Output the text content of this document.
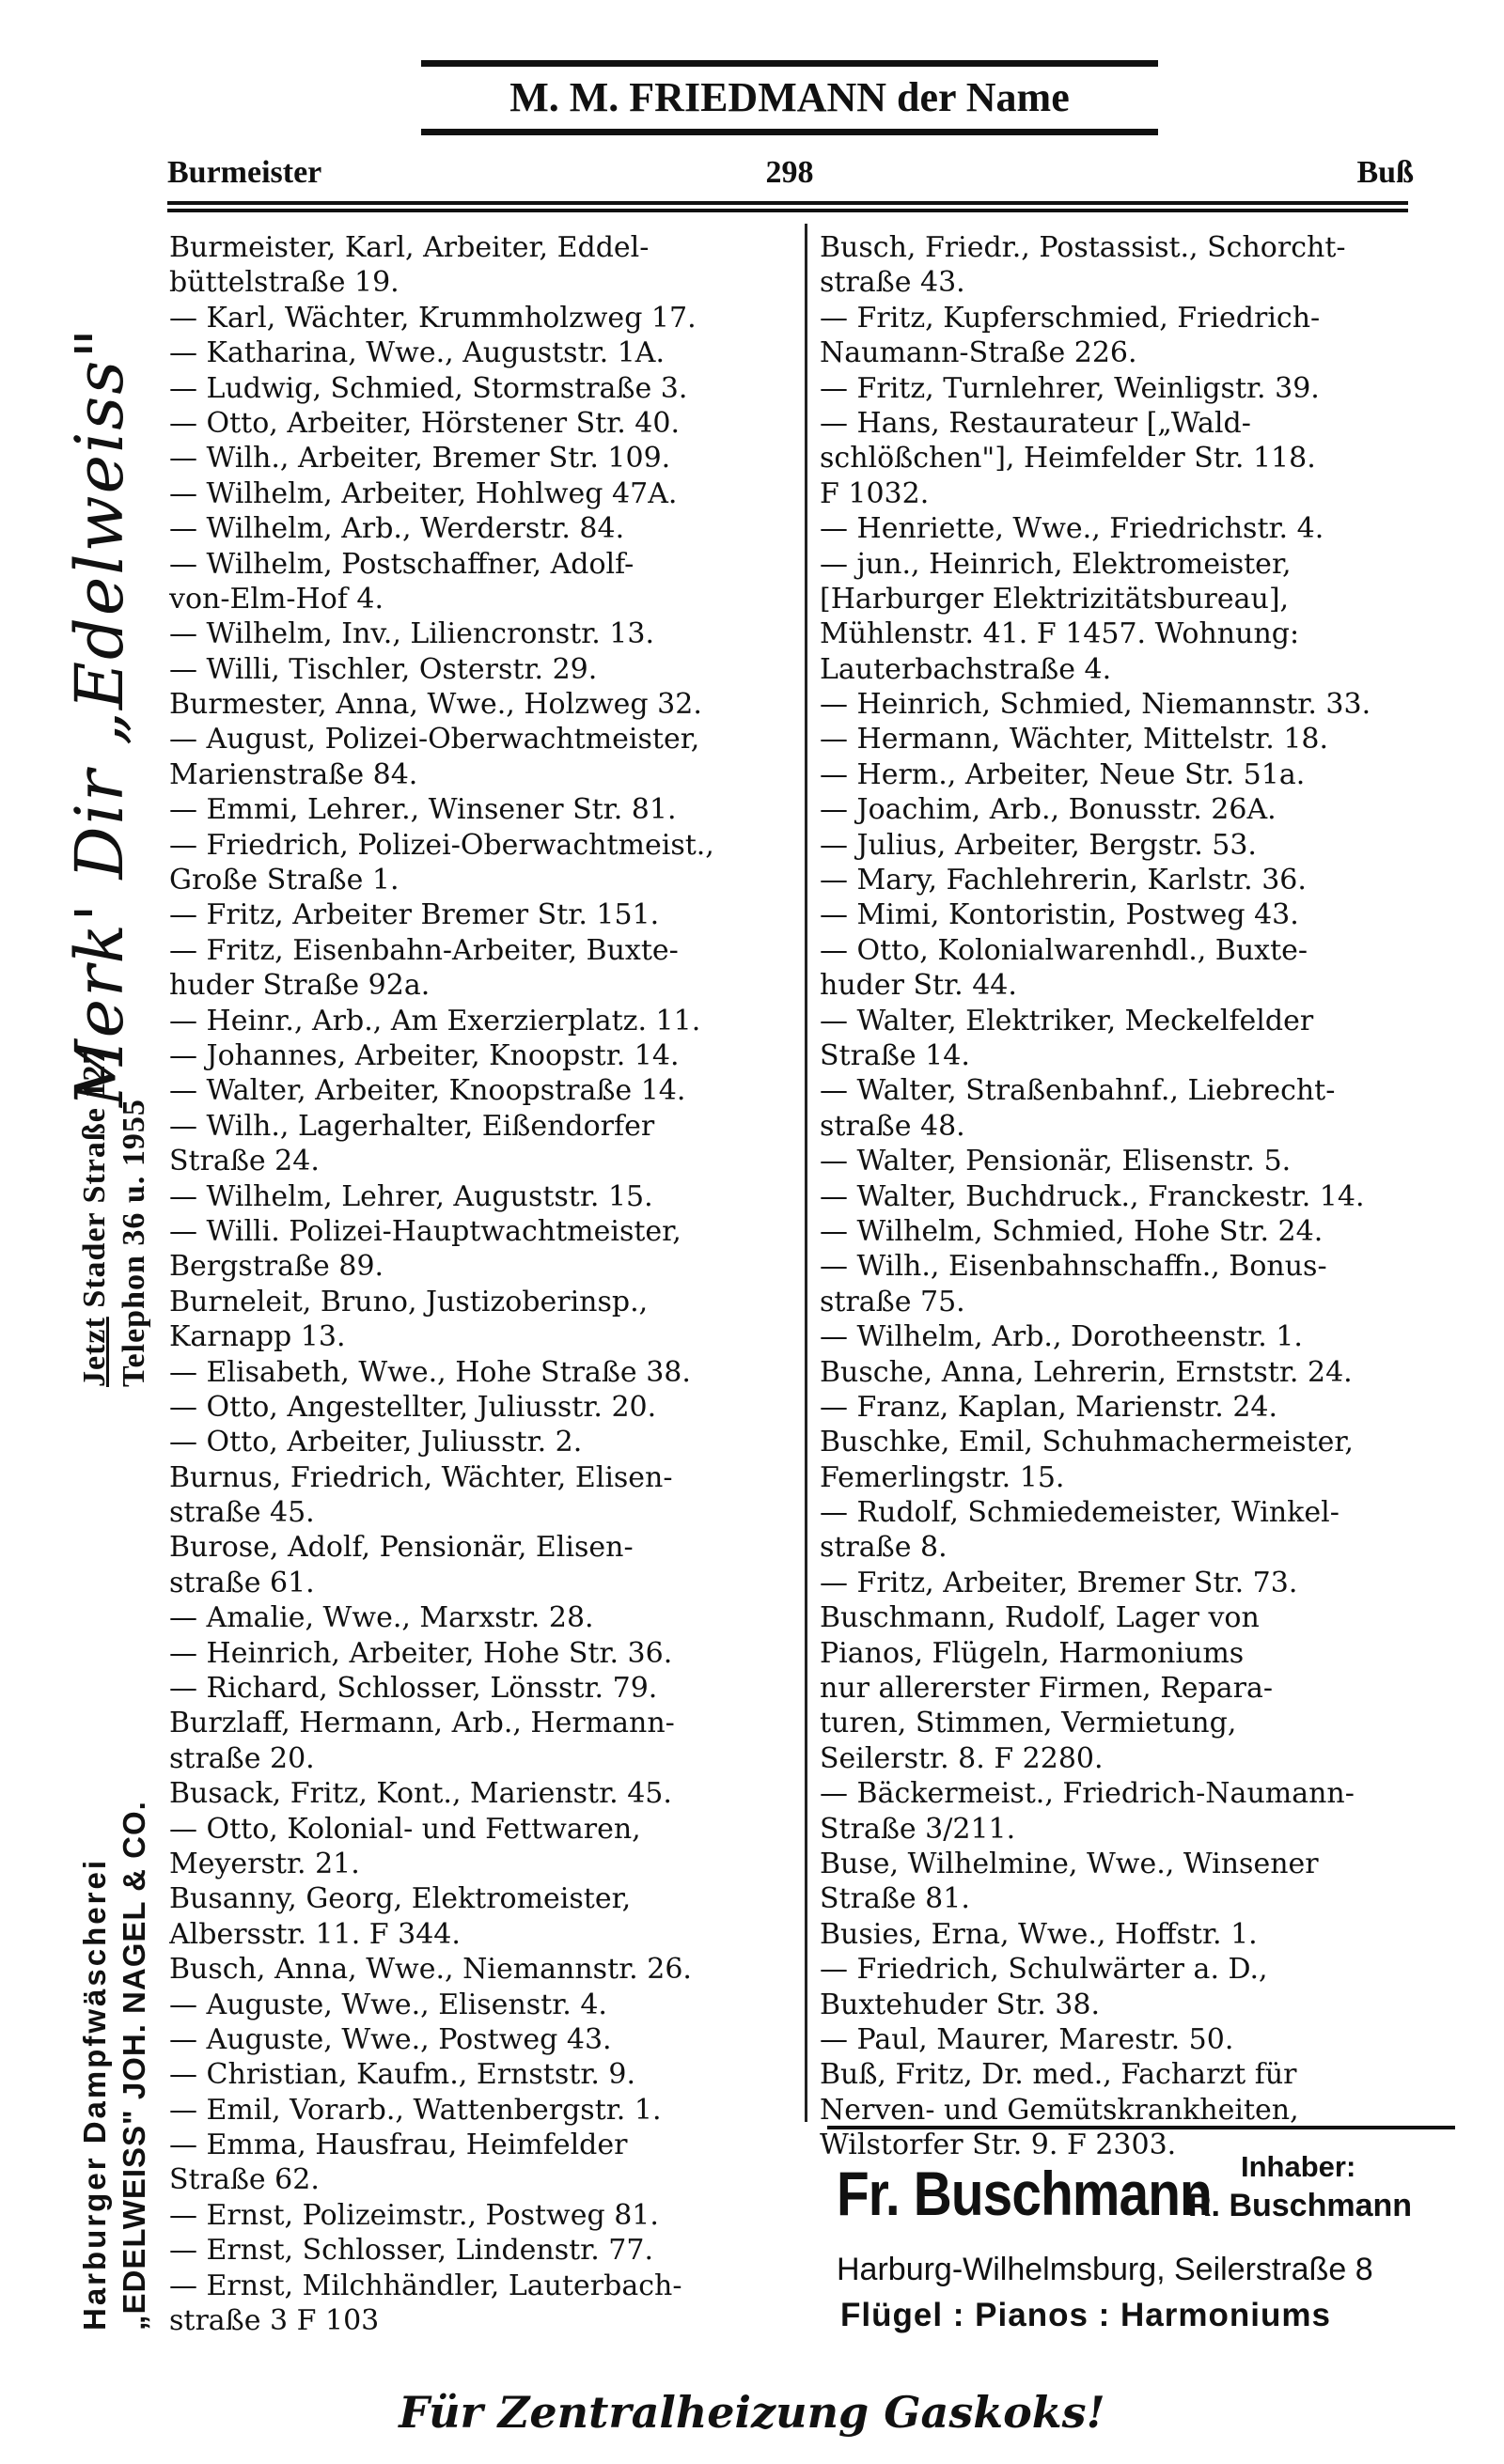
M. M. FRIEDMANN der Name
Burmeister	298	Buß
Merk' Dir „Edelweiss"
Harburger Dampfwäscherei „EDELWEISS" JOH. NAGEL & CO.
Jetzt Stader Straße 127 Telephon 36 u. 1955
Burmeister, Karl, Arbeiter, Eddel-
büttelstraße 19.
— Karl, Wächter, Krummholzweg 17.
— Katharina, Wwe., Auguststr. 1A.
— Ludwig, Schmied, Stormstraße 3.
— Otto, Arbeiter, Hörstener Str. 40.
— Wilh., Arbeiter, Bremer Str. 109.
— Wilhelm, Arbeiter, Hohlweg 47A.
— Wilhelm, Arb., Werderstr. 84.
— Wilhelm, Postschaffner, Adolf-
von-Elm-Hof 4.
— Wilhelm, Inv., Liliencronstr. 13.
— Willi, Tischler, Osterstr. 29.
Burmester, Anna, Wwe., Holzweg 32.
— August, Polizei-Oberwachtmeister,
Marienstraße 84.
— Emmi, Lehrer., Winsener Str. 81.
— Friedrich, Polizei-Oberwachtmeist.,
Große Straße 1.
— Fritz, Arbeiter Bremer Str. 151.
— Fritz, Eisenbahn-Arbeiter, Buxte-
huder Straße 92a.
— Heinr., Arb., Am Exerzierplatz. 11.
— Johannes, Arbeiter, Knoopstr. 14.
— Walter, Arbeiter, Knoopstraße 14.
— Wilh., Lagerhalter, Eißendorfer
Straße 24.
— Wilhelm, Lehrer, Auguststr. 15.
— Willi. Polizei-Hauptwachtmeister,
Bergstraße 89.
Burneleit, Bruno, Justizoberinsp.,
Karnapp 13.
— Elisabeth, Wwe., Hohe Straße 38.
— Otto, Angestellter, Juliusstr. 20.
— Otto, Arbeiter, Juliusstr. 2.
Burnus, Friedrich, Wächter, Elisen-
straße 45.
Burose, Adolf, Pensionär, Elisen-
straße 61.
— Amalie, Wwe., Marxstr. 28.
— Heinrich, Arbeiter, Hohe Str. 36.
— Richard, Schlosser, Lönsstr. 79.
Burzlaff, Hermann, Arb., Hermann-
straße 20.
Busack, Fritz, Kont., Marienstr. 45.
— Otto, Kolonial- und Fettwaren,
Meyerstr. 21.
Busanny, Georg, Elektromeister,
Albersstr. 11. F 344.
Busch, Anna, Wwe., Niemannstr. 26.
— Auguste, Wwe., Elisenstr. 4.
— Auguste, Wwe., Postweg 43.
— Christian, Kaufm., Ernststr. 9.
— Emil, Vorarb., Wattenbergstr. 1.
— Emma, Hausfrau, Heimfelder
Straße 62.
— Ernst, Polizeimstr., Postweg 81.
— Ernst, Schlosser, Lindenstr. 77.
— Ernst, Milchhändler, Lauterbach-
straße 3 F 103
Busch, Friedr., Postassist., Schorcht-
straße 43.
— Fritz, Kupferschmied, Friedrich-
Naumann-Straße 226.
— Fritz, Turnlehrer, Weinligstr. 39.
— Hans, Restaurateur [„Wald-
schlößchen"], Heimfelder Str. 118.
F 1032.
— Henriette, Wwe., Friedrichstr. 4.
— jun., Heinrich, Elektromeister,
[Harburger Elektrizitätsbureau],
Mühlenstr. 41. F 1457. Wohnung:
Lauterbachstraße 4.
— Heinrich, Schmied, Niemannstr. 33.
— Hermann, Wächter, Mittelstr. 18.
— Herm., Arbeiter, Neue Str. 51a.
— Joachim, Arb., Bonusstr. 26A.
— Julius, Arbeiter, Bergstr. 53.
— Mary, Fachlehrerin, Karlstr. 36.
— Mimi, Kontoristin, Postweg 43.
— Otto, Kolonialwarenhdl., Buxte-
huder Str. 44.
— Walter, Elektriker, Meckelfelder
Straße 14.
— Walter, Straßenbahnf., Liebrecht-
straße 48.
— Walter, Pensionär, Elisenstr. 5.
— Walter, Buchdruck., Franckestr. 14.
— Wilhelm, Schmied, Hohe Str. 24.
— Wilh., Eisenbahnschaffn., Bonus-
straße 75.
— Wilhelm, Arb., Dorotheenstr. 1.
Busche, Anna, Lehrerin, Ernststr. 24.
— Franz, Kaplan, Marienstr. 24.
Buschke, Emil, Schuhmachermeister,
Femerlingstr. 15.
— Rudolf, Schmiedemeister, Winkel-
straße 8.
— Fritz, Arbeiter, Bremer Str. 73.
Buschmann, Rudolf, Lager von
Pianos, Flügeln, Harmoniums
nur allererster Firmen, Repara-
turen, Stimmen, Vermietung,
Seilerstr. 8. F 2280.
— Bäckermeist., Friedrich-Naumann-
Straße 3/211.
Buse, Wilhelmine, Wwe., Winsener
Straße 81.
Busies, Erna, Wwe., Hoffstr. 1.
— Friedrich, Schulwärter a. D.,
Buxtehuder Str. 38.
— Paul, Maurer, Marestr. 50.
Buß, Fritz, Dr. med., Facharzt für
Nerven- und Gemütskrankheiten,
Wilstorfer Str. 9. F 2303.
Fr. Buschmann Inhaber:
R. Buschmann
Harburg-Wilhelmsburg, Seilerstraße 8
Flügel : Pianos : Harmoniums
Für Zentralheizung Gaskoks!
